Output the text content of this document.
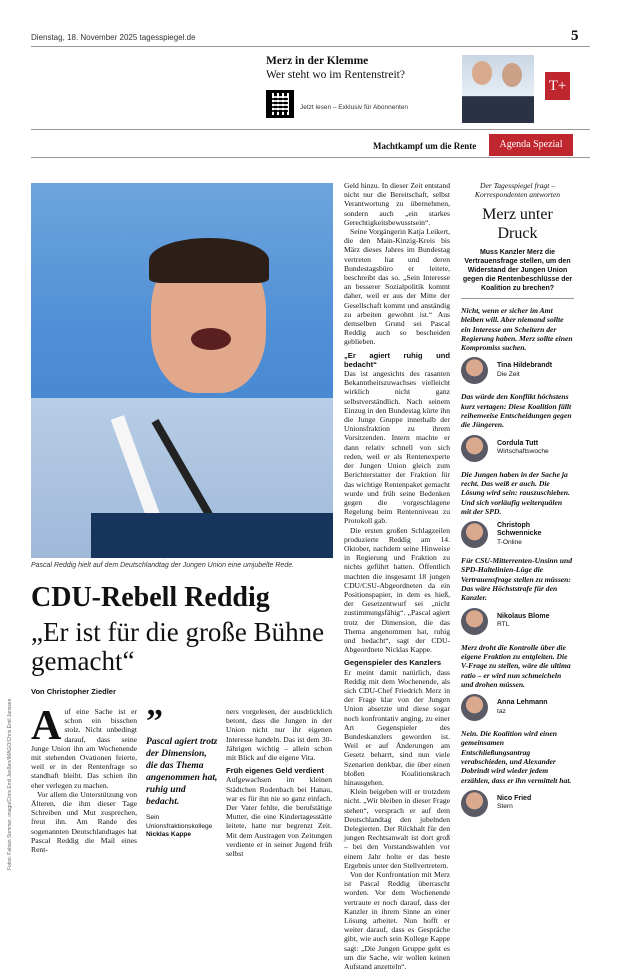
Dienstag, 18. November 2025 tagesspiegel.de	5
Merz in der Klemme
Wer steht wo im Rentenstreit?
Jetzt lesen – Exklusiv für Abonnenten
T+
Machtkampf um die Rente	Agenda Spezial
Pascal Reddig hielt auf dem Deutschlandtag der Jungen Union eine umjubelte Rede.
CDU-Rebell Reddig
„Er ist für die große Bühne gemacht“
Von Christopher Ziedler
Fotos: Fabian Sommer, imago/Chris Emil Janßen/IMAGO/Chris Emil Janssen A uf eine Sache ist er schon ein bisschen stolz. Nicht unbedingt darauf, dass seine Junge Union ihn am Wochenende mit stehenden Ovationen feierte, weil er in der Rentenfrage so standhaft bleibt. Das schien ihn eher verlegen zu machen.

Vor allem die Unterstützung von Älteren, die ihm dieser Tage Schreiben und Mut zusprechen, freut ihn. Am Rande des sogenannten Deutschlandtages hat Pascal Reddig die Mail eines Rent-

”
Pascal agiert trotz der Dimension, die das Thema angenommen hat, ruhig und bedacht.
Sein Unionsfraktionskollege Nicklas Kappe

ners vorgelesen, der ausdrücklich betont, dass die Jungen in der Union nicht nur ihr eigenen Interesse handeln. Das ist dem 30-Jährigen wichtig – allein schon mit Blick auf die eigene Vita.

Früh eigenes Geld verdient

Aufgewachsen im kleinen Städtchen Rodenbach bei Hanau, war es für ihn nie so ganz einfach. Der Vater fehlte, die berufstätige Mutter, die eine Kindertagesstätte leitete, hatte nur begrenzt Zeit. Mit dem Austragen von Zeitungen verdiente er in seiner Jugend früh selbst

Geld hinzu. In dieser Zeit entstand nicht nur die Bereitschaft, selbst Verantwortung zu übernehmen, sondern auch „ein starkes Gerechtigkeitsbewusstsein“.

Seine Vorgängerin Katja Leikert, die den Main-Kinzig-Kreis bis März dieses Jahres im Bundestag vertreten hat und deren Bundestagsbüro er leitete, beschreibt das so. „Sein Interesse an besserer Sozialpolitik kommt daher, weil er aus der Mitte der Gesellschaft kommt und anständig zu arbeiten gewohnt ist.“ Aus demselben Grund sei Pascal Reddig auch so bescheiden geblieben.

„Er agiert ruhig und bedacht“

Das ist angesichts des rasanten Bekanntheitszuwachses vielleicht wirklich nicht ganz selbstverständlich. Nach seinem Einzug in den Bundestag kürte ihn die Junge Gruppe innerhalb der Unionsfraktion zu ihrem Vorsitzenden. Intern machte er dann relativ schnell von sich reden, weil er als Rentenexperte der Jungen Union gleich zum Berichterstatter der Fraktion für das wichtige Rentenpaket gemacht wurde und früh seine Bedenken gegen die vorgeschlagene Regelung beim Rentenniveau zu Protokoll gab.

Die ersten großen Schlagzeilen produzierte Reddig am 14. Oktober, nachdem seine Hinweise in Regierung und Fraktion zu nichts geführt hatten. Öffentlich machten die insgesamt 18 jungen CDU/CSU-Abgeordneten da ein Positionspapier, in dem es hieß, der Gesetzentwurf sei „nicht zustimmungsfähig“. „Pascal agiert trotz der Dimension, die das Thema angenommen hat, ruhig und bedacht“, sagt der CDU-Abgeordnete Nicklas Kappe.

Gegenspieler des Kanzlers

Er meint damit natürlich, dass Reddig mit dem Wochenende, als sich CDU-Chef Friedrich Merz in der Frage klar von der Jungen Union absetzte und diese sogar noch konfrontativ anging, zu einer Art Gegenspieler des Bundeskanzlers geworden ist. Weil er auf Änderungen am Gesetz beharrt, sind nun viele Szenarien denkbar, die über einen bloßen Koalitionskrach hinausgehen.

Klein beigeben will er trotzdem nicht. „Wir bleiben in dieser Frage stehen“, versprach er auf dem Deutschlandtag den jubelnden Delegierten. Der Rückhalt für den jungen Rechtsanwalt ist dort groß – bei den Vorstandswahlen vor einem Jahr holte er das beste Ergebnis unter den Stellvertretern.

Von der Konfrontation mit Merz ist Pascal Reddig überrascht worden. Vor dem Wochenende vertraute er noch darauf, dass der Kanzler in ihrem Sinne an einer Lösung arbeitet. Nun hofft er weiter darauf, dass es Gespräche gibt, wie auch sein Kollege Kappe sagt: „Die Jungen Gruppe geht es um die Sache, wir wollen keinen Aufstand anzetteln“.

Der Tagesspiegel fragt – Korrespondenten antworten
Merz unter Druck
Muss Kanzler Merz die Vertrauensfrage stellen, um den Widerstand der Jungen Union gegen die Rentenbeschlüsse der Koalition zu brechen?
Nicht, wenn er sicher im Amt bleiben will. Aber niemand sollte ein Interesse am Scheitern der Regierung haben. Merz sollte einen Kompromiss suchen.
Tina Hildebrandt
Die Zeit
Das würde den Konflikt höchstens kurz vertagen: Diese Koalition fällt reihenweise Entscheidungen gegen die Jüngeren.
Cordula Tutt
Wirtschaftswoche
Die Jungen haben in der Sache ja recht. Das weiß er auch. Die Lösung wird sein: rauszuschieben. Und sich vorläufig weiterquälen mit der SPD.
Christoph Schwennicke
T-Online
Für CSU-Mitterrenten-Unsinn und SPD-Haltelinien-Lüge die Vertrauensfrage stellen zu müssen: Das wäre Höchststrafe für den Kanzler.
Nikolaus Blome
RTL
Merz droht die Kontrolle über die eigene Fraktion zu entgleiten. Die V-Frage zu stellen, wäre die ultima ratio – er wird nun schmeicheln und drohen müssen.
Anna Lehmann
taz
Nein. Die Koalition wird einen gemeinsamen Entschließungsantrag verabschieden, und Alexander Dobrindt wird wieder jedem erzählen, dass er ihn vermittelt hat.
Nico Fried
Stern
